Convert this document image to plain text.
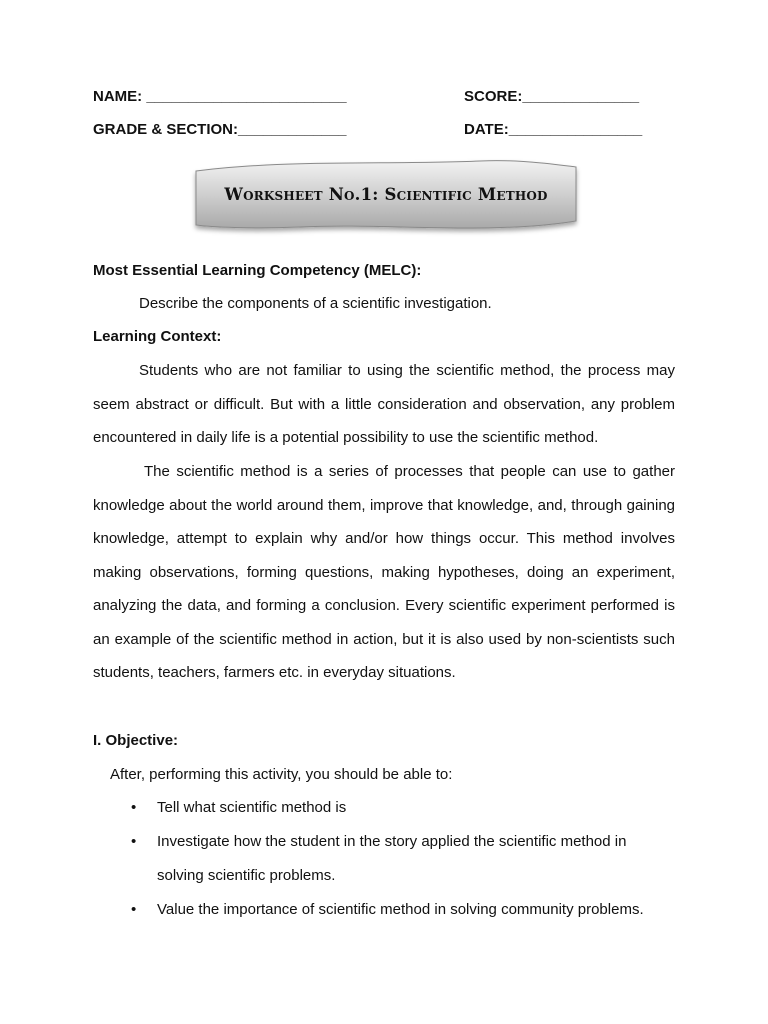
NAME: ________________________	SCORE:______________
GRADE & SECTION:_____________	DATE:________________
Worksheet No.1: Scientific Method
Most Essential Learning Competency (MELC):
Describe the components of a scientific investigation.
Learning Context:
Students who are not familiar to using the scientific method, the process may seem abstract or difficult. But with a little consideration and observation, any problem encountered in daily life is a potential possibility to use the scientific method.
The scientific method is a series of processes that people can use to gather knowledge about the world around them, improve that knowledge, and, through gaining knowledge, attempt to explain why and/or how things occur. This method involves making observations, forming questions, making hypotheses, doing an experiment, analyzing the data, and forming a conclusion. Every scientific experiment performed is an example of the scientific method in action, but it is also used by non-scientists such students, teachers, farmers etc. in everyday situations.
I. Objective:
After, performing this activity, you should be able to:
• Tell what scientific method is
• Investigate how the student in the story applied the scientific method in solving scientific problems.
• Value the importance of scientific method in solving community problems.
